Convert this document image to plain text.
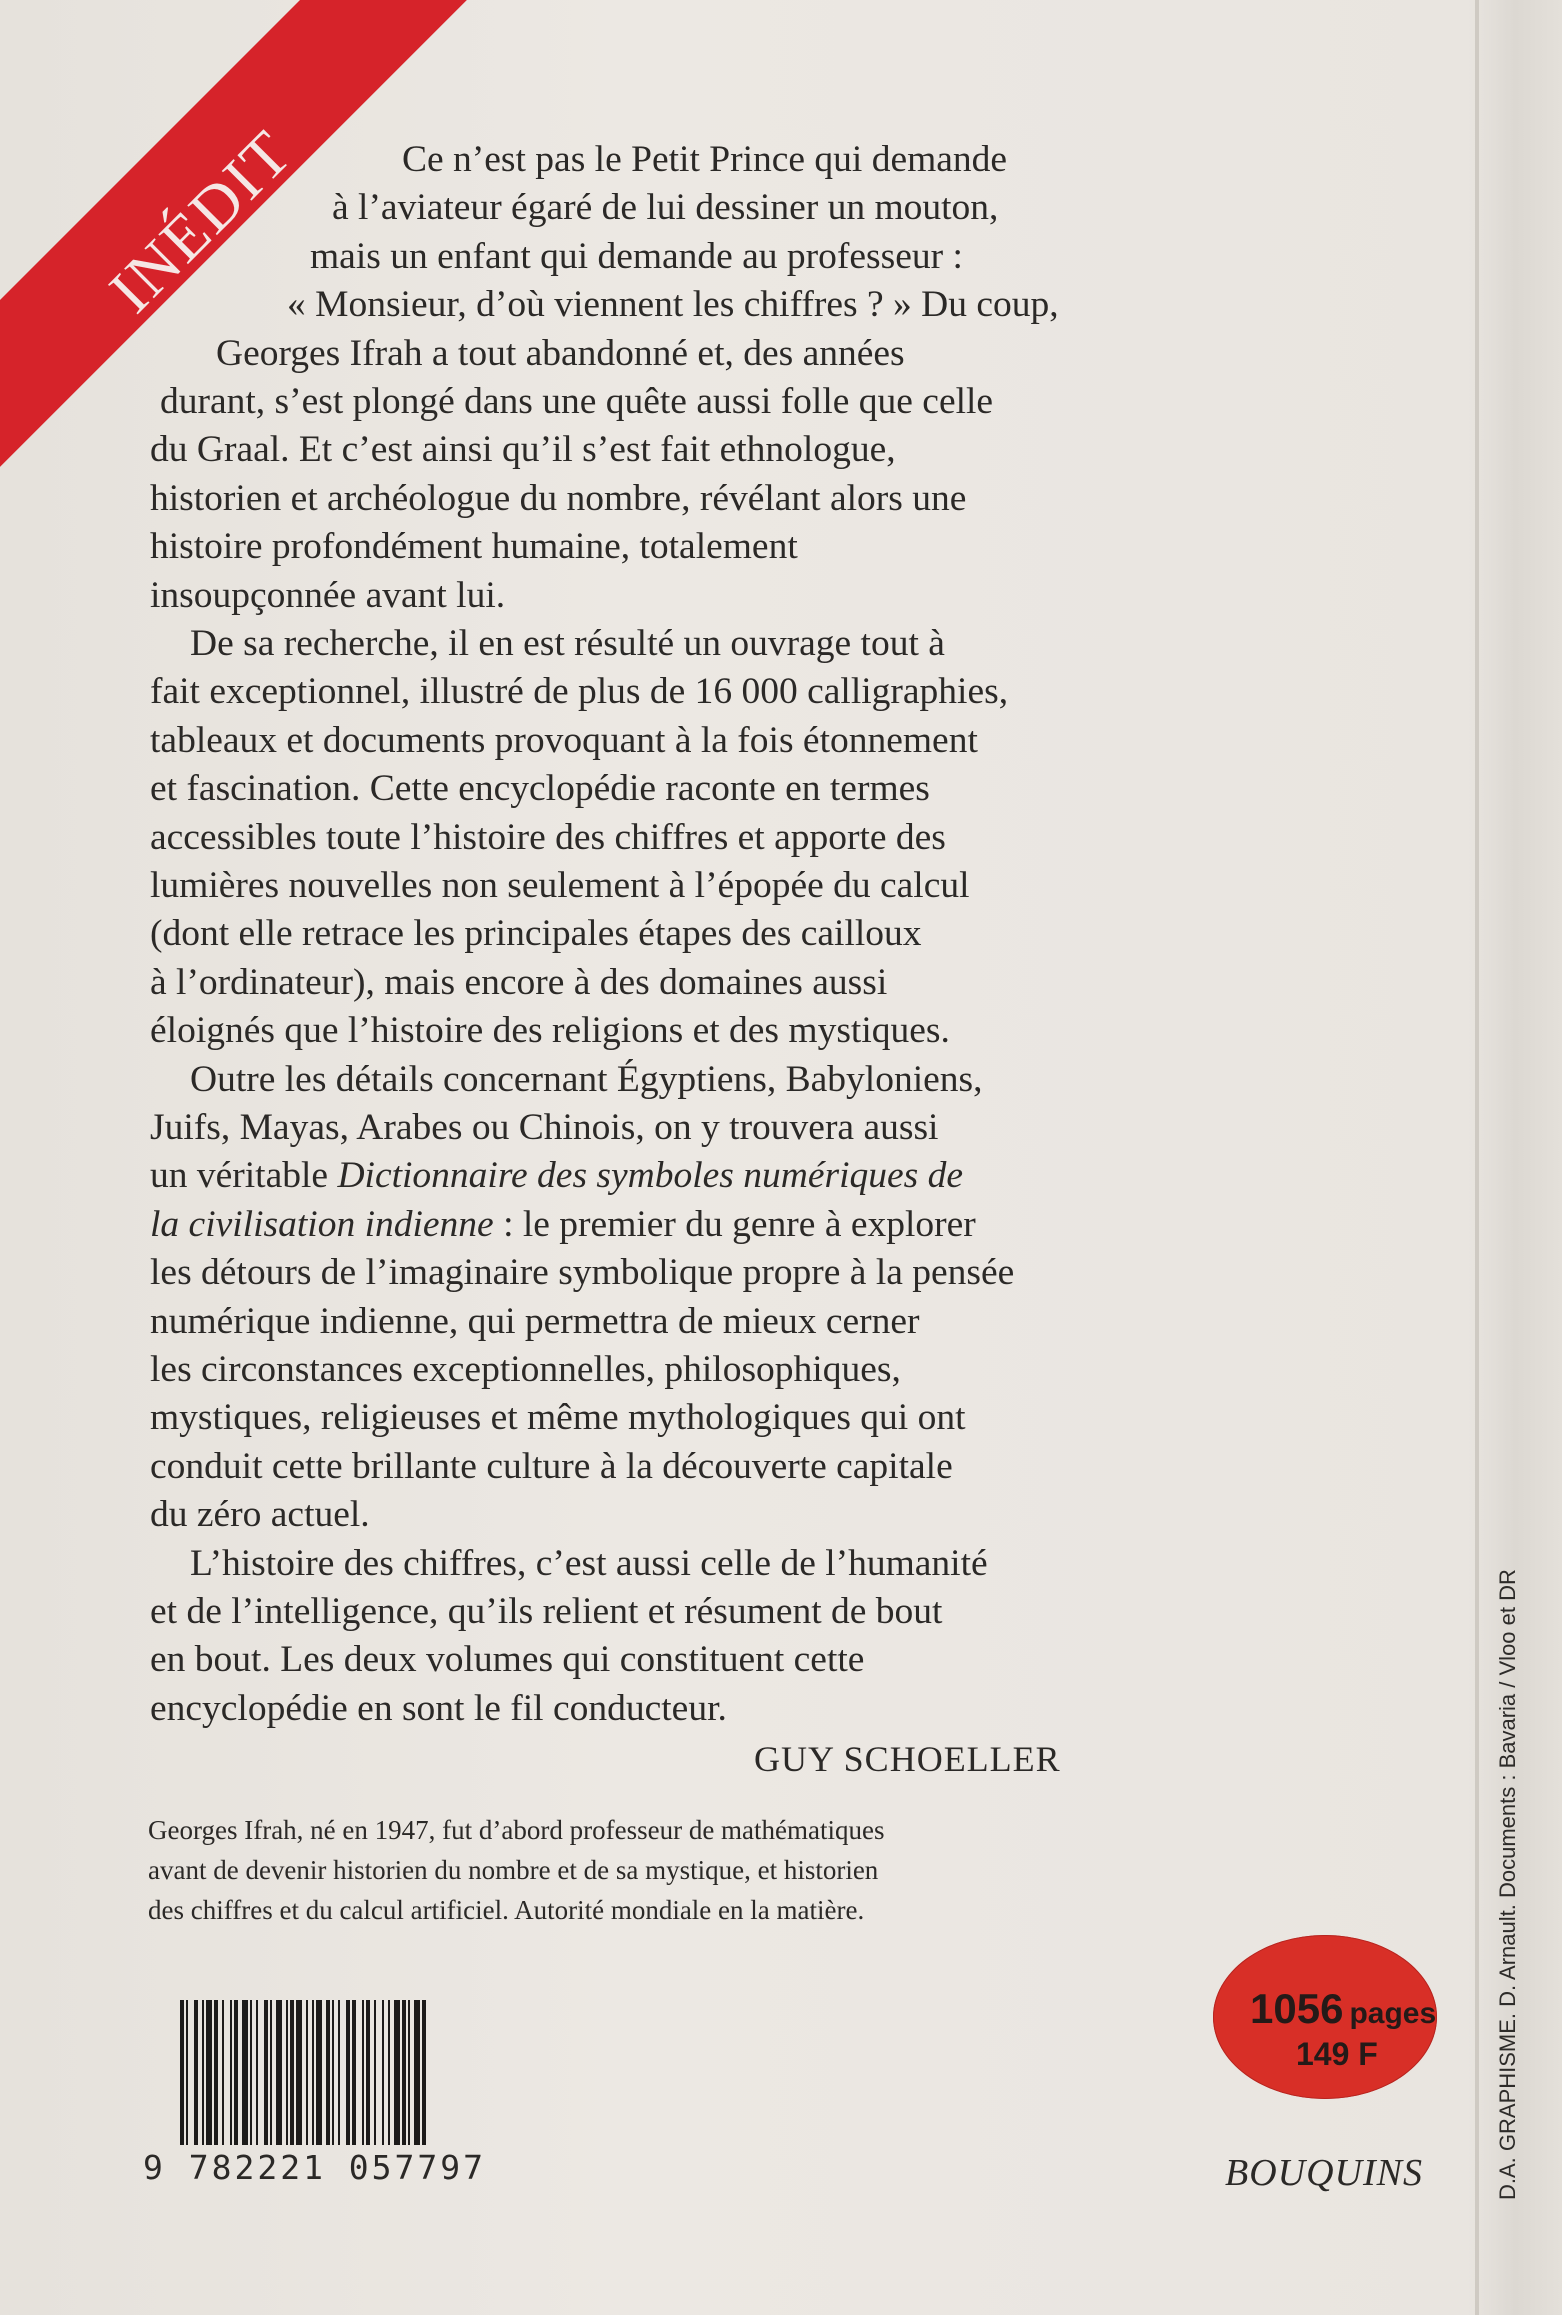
INÉDIT	Ce n’est pas le Petit Prince qui demande
à l’aviateur égaré de lui dessiner un mouton,
mais un enfant qui demande au professeur :
« Monsieur, d’où viennent les chiffres ? » Du coup,
Georges Ifrah a tout abandonné et, des années
durant, s’est plongé dans une quête aussi folle que celle
du Graal. Et c’est ainsi qu’il s’est fait ethnologue,
historien et archéologue du nombre, révélant alors une
histoire profondément humaine, totalement
insoupçonnée avant lui.
De sa recherche, il en est résulté un ouvrage tout à
fait exceptionnel, illustré de plus de 16 000 calligraphies,
tableaux et documents provoquant à la fois étonnement
et fascination. Cette encyclopédie raconte en termes
accessibles toute l’histoire des chiffres et apporte des
lumières nouvelles non seulement à l’épopée du calcul
(dont elle retrace les principales étapes des cailloux
à l’ordinateur), mais encore à des domaines aussi
éloignés que l’histoire des religions et des mystiques.
Outre les détails concernant Égyptiens, Babyloniens,
Juifs, Mayas, Arabes ou Chinois, on y trouvera aussi
un véritable Dictionnaire des symboles numériques de
la civilisation indienne : le premier du genre à explorer
les détours de l’imaginaire symbolique propre à la pensée
numérique indienne, qui permettra de mieux cerner
les circonstances exceptionnelles, philosophiques,
mystiques, religieuses et même mythologiques qui ont
conduit cette brillante culture à la découverte capitale
du zéro actuel.
L’histoire des chiffres, c’est aussi celle de l’humanité
et de l’intelligence, qu’ils relient et résument de bout
en bout. Les deux volumes qui constituent cette
encyclopédie en sont le fil conducteur.
GUY SCHOELLER
Georges Ifrah, né en 1947, fut d’abord professeur de mathématiques
avant de devenir historien du nombre et de sa mystique, et historien
des chiffres et du calcul artificiel. Autorité mondiale en la matière.
9 782221 057797
1056 pages
149 F
BOUQUINS	D.A. GRAPHISME. D. Arnault. Documents : Bavaria / Vloo et DR
